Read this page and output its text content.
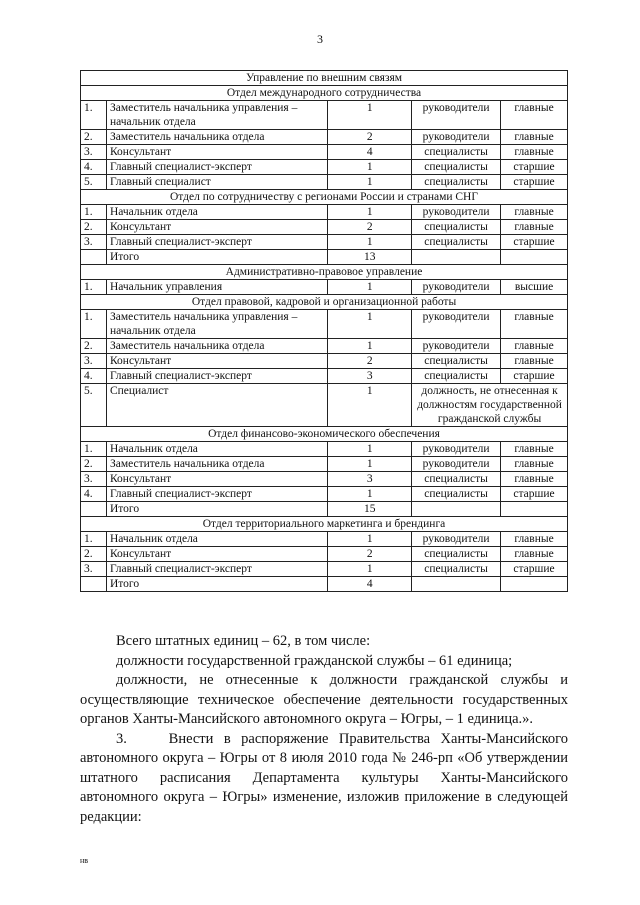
3
Управление по внешним связям				
Отдел международного сотрудничества				
1.	Заместитель начальника управления – начальник отдела	1	руководители	главные
2.	Заместитель начальника отдела	2	руководители	главные
3.	Консультант	4	специалисты	главные
4.	Главный специалист-эксперт	1	специалисты	старшие
5.	Главный специалист	1	специалисты	старшие
Отдел по сотрудничеству с регионами России и странами СНГ				
1.	Начальник отдела	1	руководители	главные
2.	Консультант	2	специалисты	главные
3.	Главный специалист-эксперт	1	специалисты	старшие
	Итого	13		
Административно-правовое управление				
1.	Начальник управления	1	руководители	высшие
Отдел правовой, кадровой и организационной работы				
1.	Заместитель начальника управления – начальник отдела	1	руководители	главные
2.	Заместитель начальника отдела	1	руководители	главные
3.	Консультант	2	специалисты	главные
4.	Главный специалист-эксперт	3	специалисты	старшие
5.	Специалист	1	должность, не отнесенная к должностям государственной гражданской службы	
Отдел финансово-экономического обеспечения				
1.	Начальник отдела	1	руководители	главные
2.	Заместитель начальника отдела	1	руководители	главные
3.	Консультант	3	специалисты	главные
4.	Главный специалист-эксперт	1	специалисты	старшие
	Итого	15		
Отдел территориального маркетинга и брендинга				
1.	Начальник отдела	1	руководители	главные
2.	Консультант	2	специалисты	главные
3.	Главный специалист-эксперт	1	специалисты	старшие
	Итого	4		

Всего штатных единиц – 62, в том числе:

должности государственной гражданской службы – 61 единица;

должности, не отнесенные к должности гражданской службы и осуществляющие техническое обеспечение деятельности государственных органов Ханты-Мансийского автономного округа – Югры, – 1 единица.».

3.    Внести в распоряжение Правительства Ханты-Мансийского автономного округа – Югры от 8 июля 2010 года № 246-рп «Об утверждении штатного расписания Департамента культуры Ханты-Мансийского автономного округа – Югры» изменение, изложив приложение в следующей редакции:

нв
